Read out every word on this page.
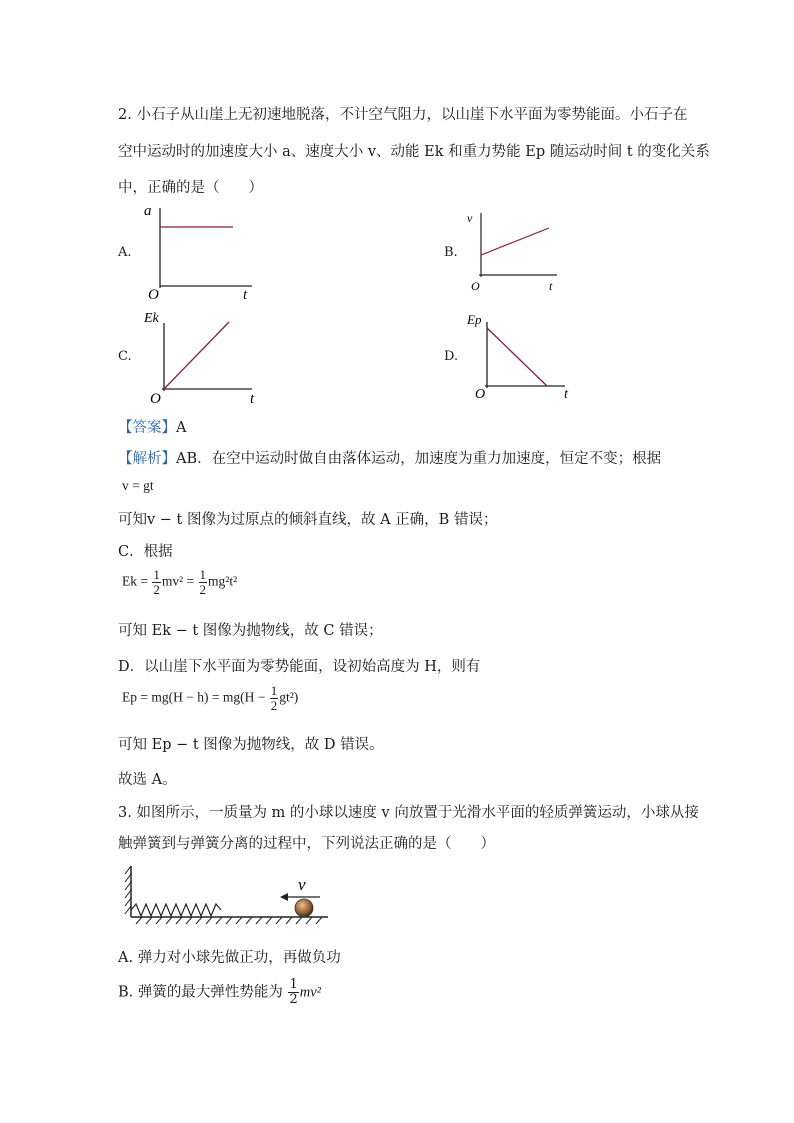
2. 小石子从山崖上无初速地脱落，不计空气阻力，以山崖下水平面为零势能面。小石子在
空中运动时的加速度大小 a、速度大小 v、动能 Ek 和重力势能 Ep 随运动时间 t 的变化关系
中，正确的是（　　）
A.
a
O	t
B.
v
O	t
C.
Ek
O	t
D.
Ep
O	t
【答案】A
【解析】AB．在空中运动时做自由落体运动，加速度为重力加速度，恒定不变；根据
v = gt
可知v − t 图像为过原点的倾斜直线，故 A 正确，B 错误；
C．根据
$Ek = \frac{1}{2} mv^2 = \frac{1}{2} mg^2t^2$
可知 Ek − t 图像为抛物线，故 C 错误；
D．以山崖下水平面为零势能面，设初始高度为 H，则有
$Ep = mg(H - h) = mg(H - \frac{1}{2} gt^2)$
可知 Ep − t 图像为抛物线，故 D 错误。
故选 A。
3. 如图所示，一质量为 m 的小球以速度 v 向放置于光滑水平面的轻质弹簧运动，小球从接
触弹簧到与弹簧分离的过程中，下列说法正确的是（　　）
v
A. 弹力对小球先做正功，再做负功
B. 弹簧的最大弹性势能为 $\frac{1}{2} mv^2$
